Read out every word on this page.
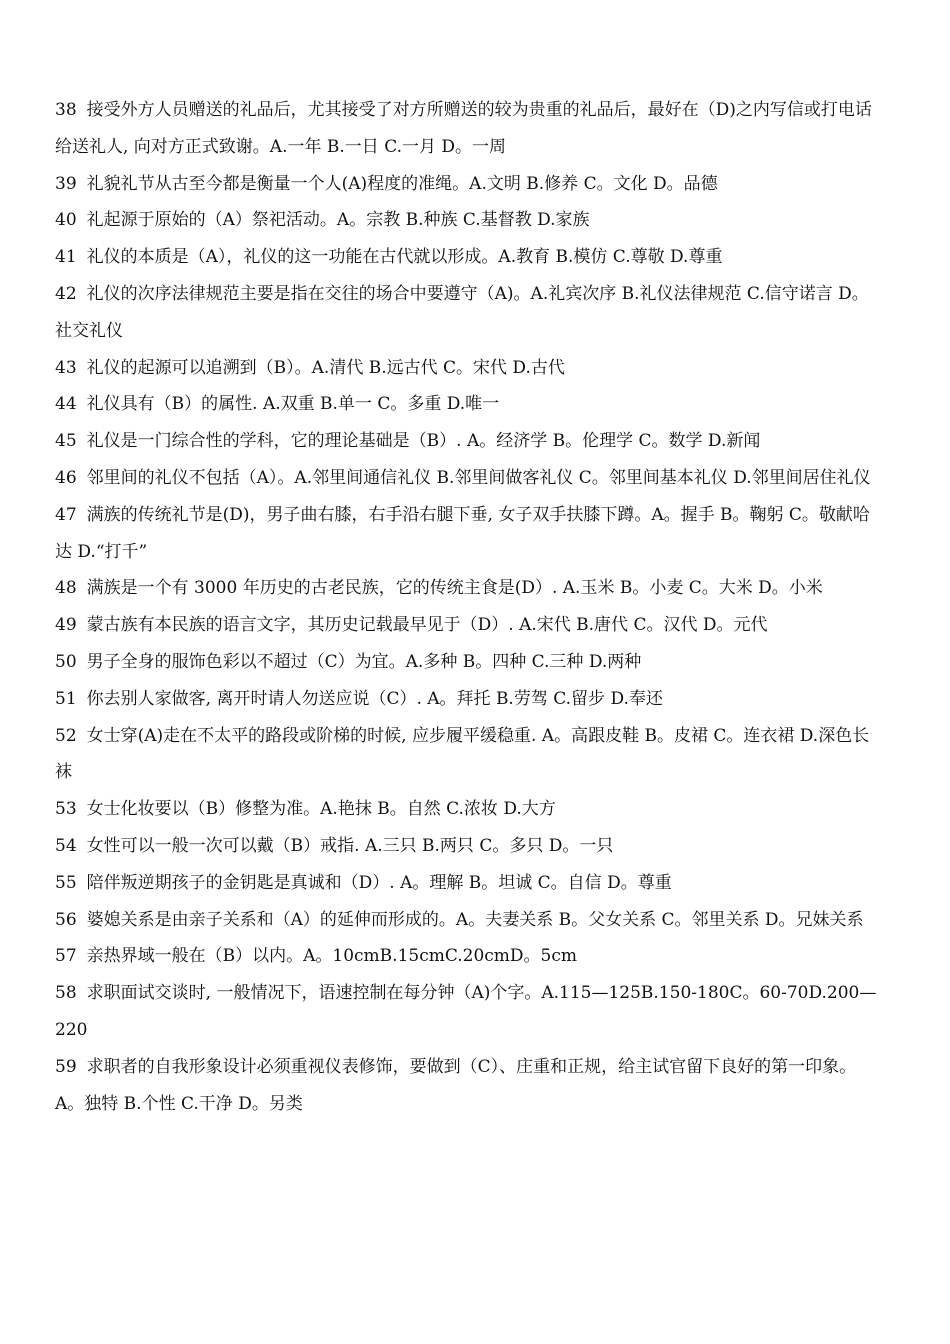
38 接受外方人员赠送的礼品后，尤其接受了对方所赠送的较为贵重的礼品后，最好在（D)之内写信或打电话给送礼人, 向对方正式致谢。A.一年 B.一日 C.一月 D。一周

39 礼貌礼节从古至今都是衡量一个人(A)程度的准绳。A.文明 B.修养 C。文化 D。品德

40 礼起源于原始的（A）祭祀活动。A。宗教 B.种族 C.基督教 D.家族

41 礼仪的本质是（A），礼仪的这一功能在古代就以形成。A.教育 B.模仿 C.尊敬 D.尊重

42 礼仪的次序法律规范主要是指在交往的场合中要遵守（A)。A.礼宾次序 B.礼仪法律规范 C.信守诺言 D。社交礼仪

43 礼仪的起源可以追溯到（B）。A.清代 B.远古代 C。宋代 D.古代

44 礼仪具有（B）的属性. A.双重 B.单一 C。多重 D.唯一

45 礼仪是一门综合性的学科，它的理论基础是（B）. A。经济学 B。伦理学 C。数学 D.新闻

46 邻里间的礼仪不包括（A）。A.邻里间通信礼仪 B.邻里间做客礼仪 C。邻里间基本礼仪 D.邻里间居住礼仪

47 满族的传统礼节是(D)，男子曲右膝，右手沿右腿下垂, 女子双手扶膝下蹲。A。握手 B。鞠躬 C。敬献哈达 D.“打千”

48 满族是一个有 3000 年历史的古老民族，它的传统主食是(D）. A.玉米 B。小麦 C。大米 D。小米

49 蒙古族有本民族的语言文字，其历史记载最早见于（D）. A.宋代 B.唐代 C。汉代 D。元代

50 男子全身的服饰色彩以不超过（C）为宜。A.多种 B。四种 C.三种 D.两种

51 你去别人家做客, 离开时请人勿送应说（C）. A。拜托 B.劳驾 C.留步 D.奉还

52 女士穿(A)走在不太平的路段或阶梯的时候, 应步履平缓稳重. A。高跟皮鞋 B。皮裙 C。连衣裙 D.深色长袜

53 女士化妆要以（B）修整为准。A.艳抹 B。自然 C.浓妆 D.大方

54 女性可以一般一次可以戴（B）戒指. A.三只 B.两只 C。多只 D。一只

55 陪伴叛逆期孩子的金钥匙是真诚和（D）. A。理解 B。坦诚 C。自信 D。尊重

56 婆媳关系是由亲子关系和（A）的延伸而形成的。A。夫妻关系 B。父女关系 C。邻里关系 D。兄妹关系

57 亲热界域一般在（B）以内。A。10cmB.15cmC.20cmD。5cm

58 求职面试交谈时, 一般情况下，语速控制在每分钟（A)个字。A.115—125B.150-180C。60-70D.200—220

59 求职者的自我形象设计必须重视仪表修饰，要做到（C）、庄重和正规，给主试官留下良好的第一印象。A。独特 B.个性 C.干净 D。另类
